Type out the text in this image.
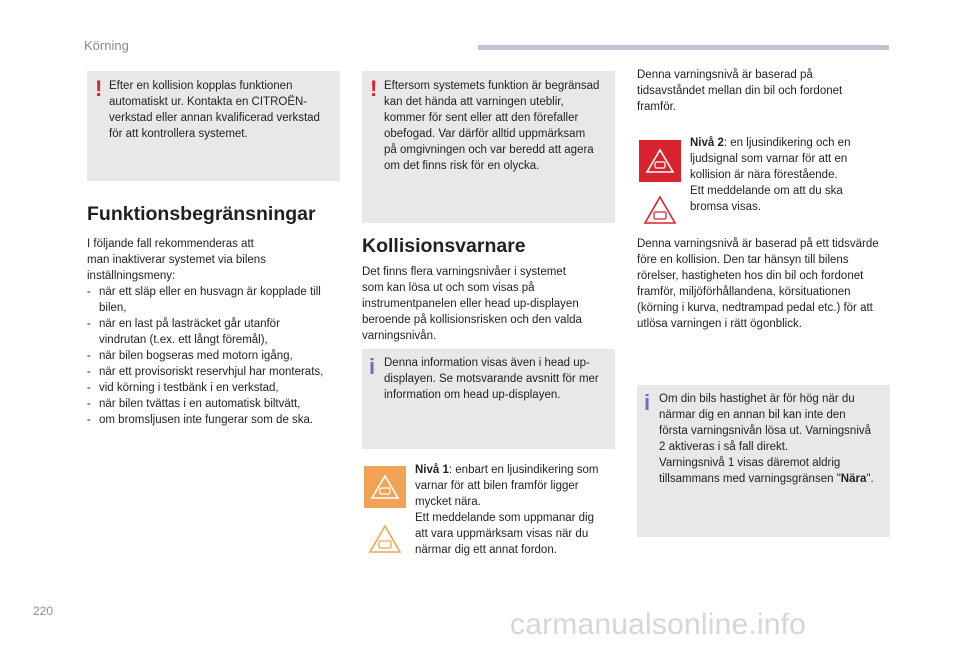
Körning
! Efter en kollision kopplas funktionen
automatiskt ur. Kontakta en CITROËN-
verkstad eller annan kvalificerad verkstad
för att kontrollera systemet.

Funktionsbegränsningar

I följande fall rekommenderas att
man inaktiverar systemet via bilens
inställningsmeny:

- när ett släp eller en husvagn är kopplade till
bilen,
- när en last på lasträcket går utanför
vindrutan (t.ex. ett långt föremål),
- när bilen bogseras med motorn igång,
- när ett provisoriskt reservhjul har monterats,
- vid körning i testbänk i en verkstad,
- när bilen tvättas i en automatisk biltvätt,
- om bromsljusen inte fungerar som de ska.
! Eftersom systemets funktion är begränsad
kan det hända att varningen uteblir,
kommer för sent eller att den förefaller
obefogad. Var därför alltid uppmärksam
på omgivningen och var beredd att agera
om det finns risk för en olycka.

Kollisionsvarnare

Det finns flera varningsnivåer i systemet
som kan lösa ut och som visas på
instrumentpanelen eller head up-displayen
beroende på kollisionsrisken och den valda
varningsnivån.

i Denna information visas även i head up-
displayen. Se motsvarande avsnitt för mer
information om head up-displayen.

Nivå 1: enbart en ljusindikering som
varnar för att bilen framför ligger
mycket nära.
Ett meddelande som uppmanar dig
att vara uppmärksam visas när du
närmar dig ett annat fordon.

Denna varningsnivå är baserad på
tidsavståndet mellan din bil och fordonet
framför.

Nivå 2: en ljusindikering och en
ljudsignal som varnar för att en
kollision är nära förestående.
Ett meddelande om att du ska
bromsa visas.

Denna varningsnivå är baserad på ett tidsvärde
före en kollision. Den tar hänsyn till bilens
rörelser, hastigheten hos din bil och fordonet
framför, miljöförhållandena, körsituationen
(körning i kurva, nedtrampad pedal etc.) för att
utlösa varningen i rätt ögonblick.

i Om din bils hastighet är för hög när du
närmar dig en annan bil kan inte den
första varningsnivån lösa ut. Varningsnivå
2 aktiveras i så fall direkt.
Varningsnivå 1 visas däremot aldrig
tillsammans med varningsgränsen "Nära".

220	carmanualsonline.info
